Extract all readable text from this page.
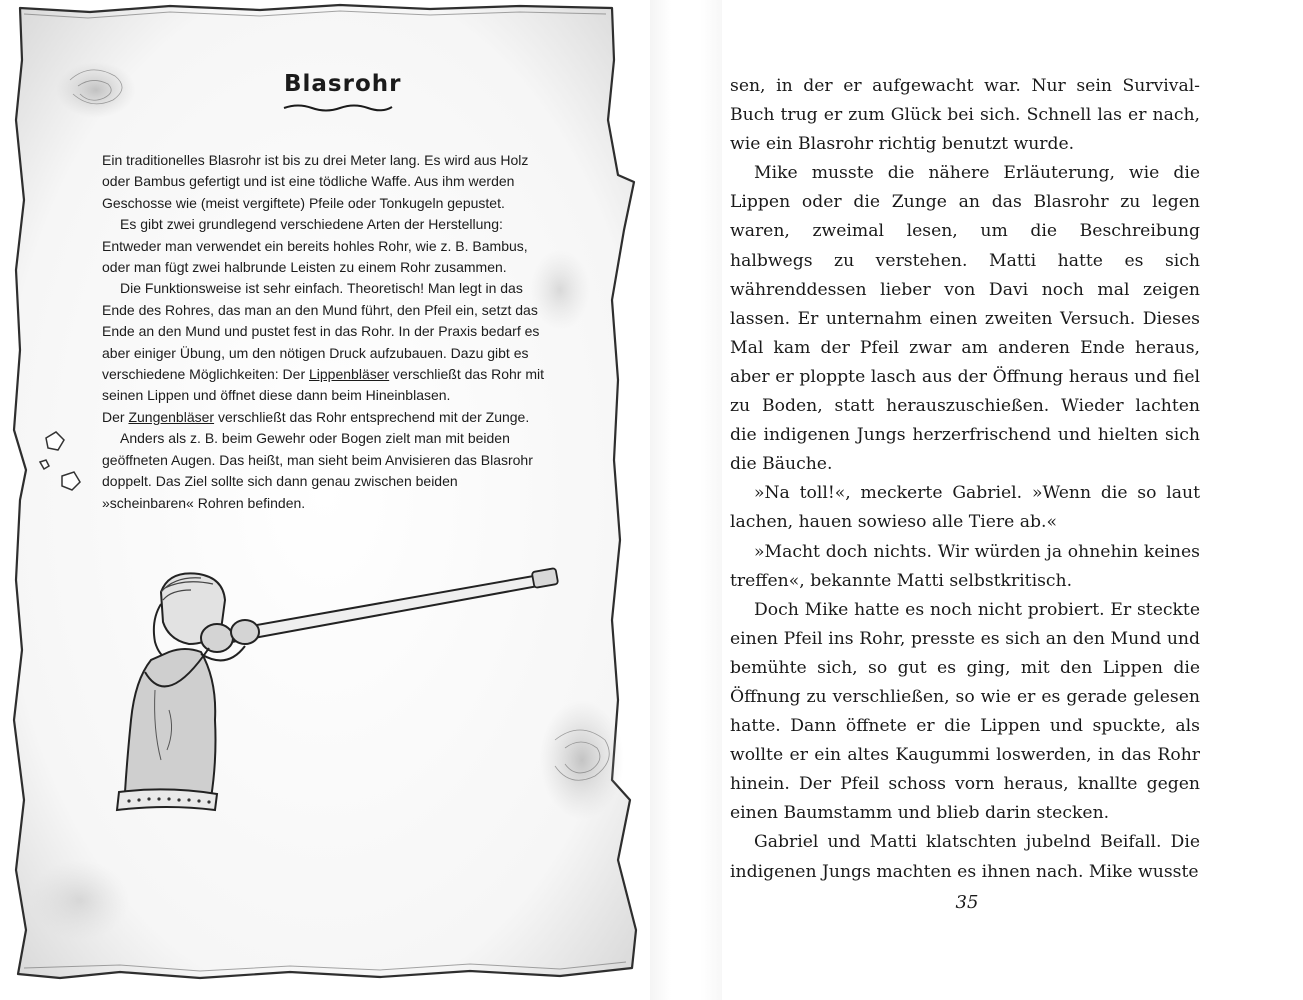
Blasrohr

Ein traditionelles Blasrohr ist bis zu drei Meter lang. Es wird aus Holz oder Bambus gefertigt und ist eine tödliche Waffe. Aus ihm werden Geschosse wie (meist vergiftete) Pfeile oder Tonkugeln gepustet.

Es gibt zwei grundlegend verschiedene Arten der Herstellung: Entweder man verwendet ein bereits hohles Rohr, wie z. B. Bambus, oder man fügt zwei halbrunde Leisten zu einem Rohr zusammen.

Die Funktionsweise ist sehr einfach. Theoretisch! Man legt in das Ende des Rohres, das man an den Mund führt, den Pfeil ein, setzt das Ende an den Mund und pustet fest in das Rohr. In der Praxis bedarf es aber einiger Übung, um den nötigen Druck aufzubauen. Dazu gibt es verschiedene Möglichkeiten: Der Lippenbläser verschließt das Rohr mit seinen Lippen und öffnet diese dann beim Hineinblasen.

Der Zungenbläser verschließt das Rohr entsprechend mit der Zunge.

Anders als z. B. beim Gewehr oder Bogen zielt man mit beiden geöffneten Augen. Das heißt, man sieht beim Anvisieren das Blasrohr doppelt. Das Ziel sollte sich dann genau zwischen beiden »scheinbaren« Rohren befinden.

sen, in der er aufgewacht war. Nur sein Survival-Buch trug er zum Glück bei sich. Schnell las er nach, wie ein Blasrohr richtig benutzt wurde.

Mike musste die nähere Erläuterung, wie die Lippen oder die Zunge an das Blasrohr zu legen waren, zweimal lesen, um die Beschreibung halbwegs zu verstehen. Matti hatte es sich währenddessen lieber von Davi noch mal zeigen lassen. Er unternahm einen zweiten Versuch. Dieses Mal kam der Pfeil zwar am anderen Ende heraus, aber er ploppte lasch aus der Öffnung heraus und fiel zu Boden, statt herauszuschießen. Wieder lachten die indigenen Jungs herzerfrischend und hielten sich die Bäuche.

»Na toll!«, meckerte Gabriel. »Wenn die so laut lachen, hauen sowieso alle Tiere ab.«

»Macht doch nichts. Wir würden ja ohnehin keines treffen«, bekannte Matti selbstkritisch.

Doch Mike hatte es noch nicht probiert. Er steckte einen Pfeil ins Rohr, presste es sich an den Mund und bemühte sich, so gut es ging, mit den Lippen die Öffnung zu verschließen, so wie er es gerade gelesen hatte. Dann öffnete er die Lippen und spuckte, als wollte er ein altes Kaugummi loswerden, in das Rohr hinein. Der Pfeil schoss vorn heraus, knallte gegen einen Baumstamm und blieb darin stecken.

Gabriel und Matti klatschten jubelnd Beifall. Die indigenen Jungs machten es ihnen nach. Mike wusste

35
